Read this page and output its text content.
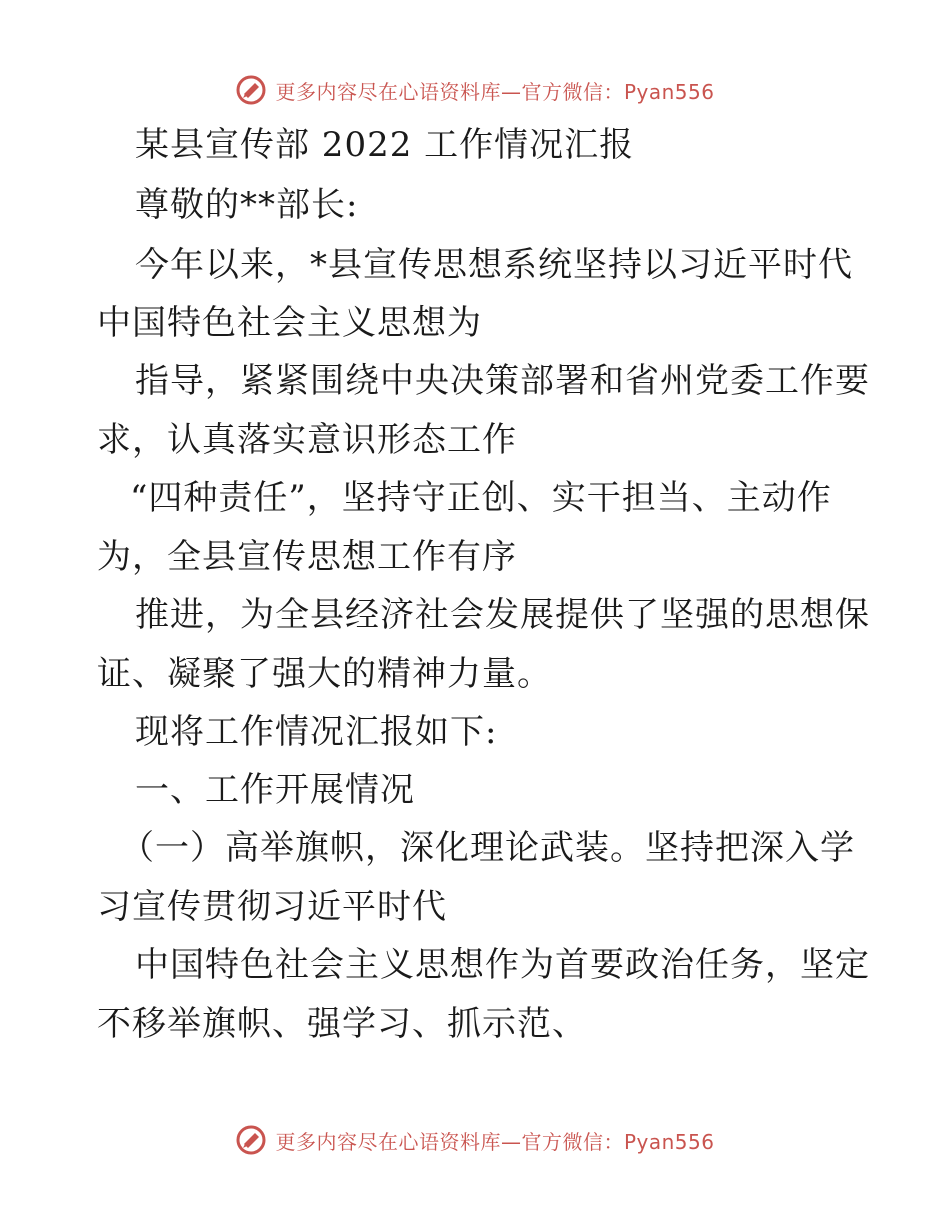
更多内容尽在心语资料库—官方微信：Pyan556
某县宣传部 2022 工作情况汇报
尊敬的**部长:
今年以来，*县宣传思想系统坚持以习近平时代
中国特色社会主义思想为
指导，紧紧围绕中央决策部署和省州党委工作要
求，认真落实意识形态工作
“四种责任”，坚持守正创、实干担当、主动作
为，全县宣传思想工作有序
推进，为全县经济社会发展提供了坚强的思想保
证、凝聚了强大的精神力量。
现将工作情况汇报如下:
一、工作开展情况
（一）高举旗帜，深化理论武装。坚持把深入学
习宣传贯彻习近平时代
中国特色社会主义思想作为首要政治任务，坚定
不移举旗帜、强学习、抓示范、
更多内容尽在心语资料库—官方微信：Pyan556
